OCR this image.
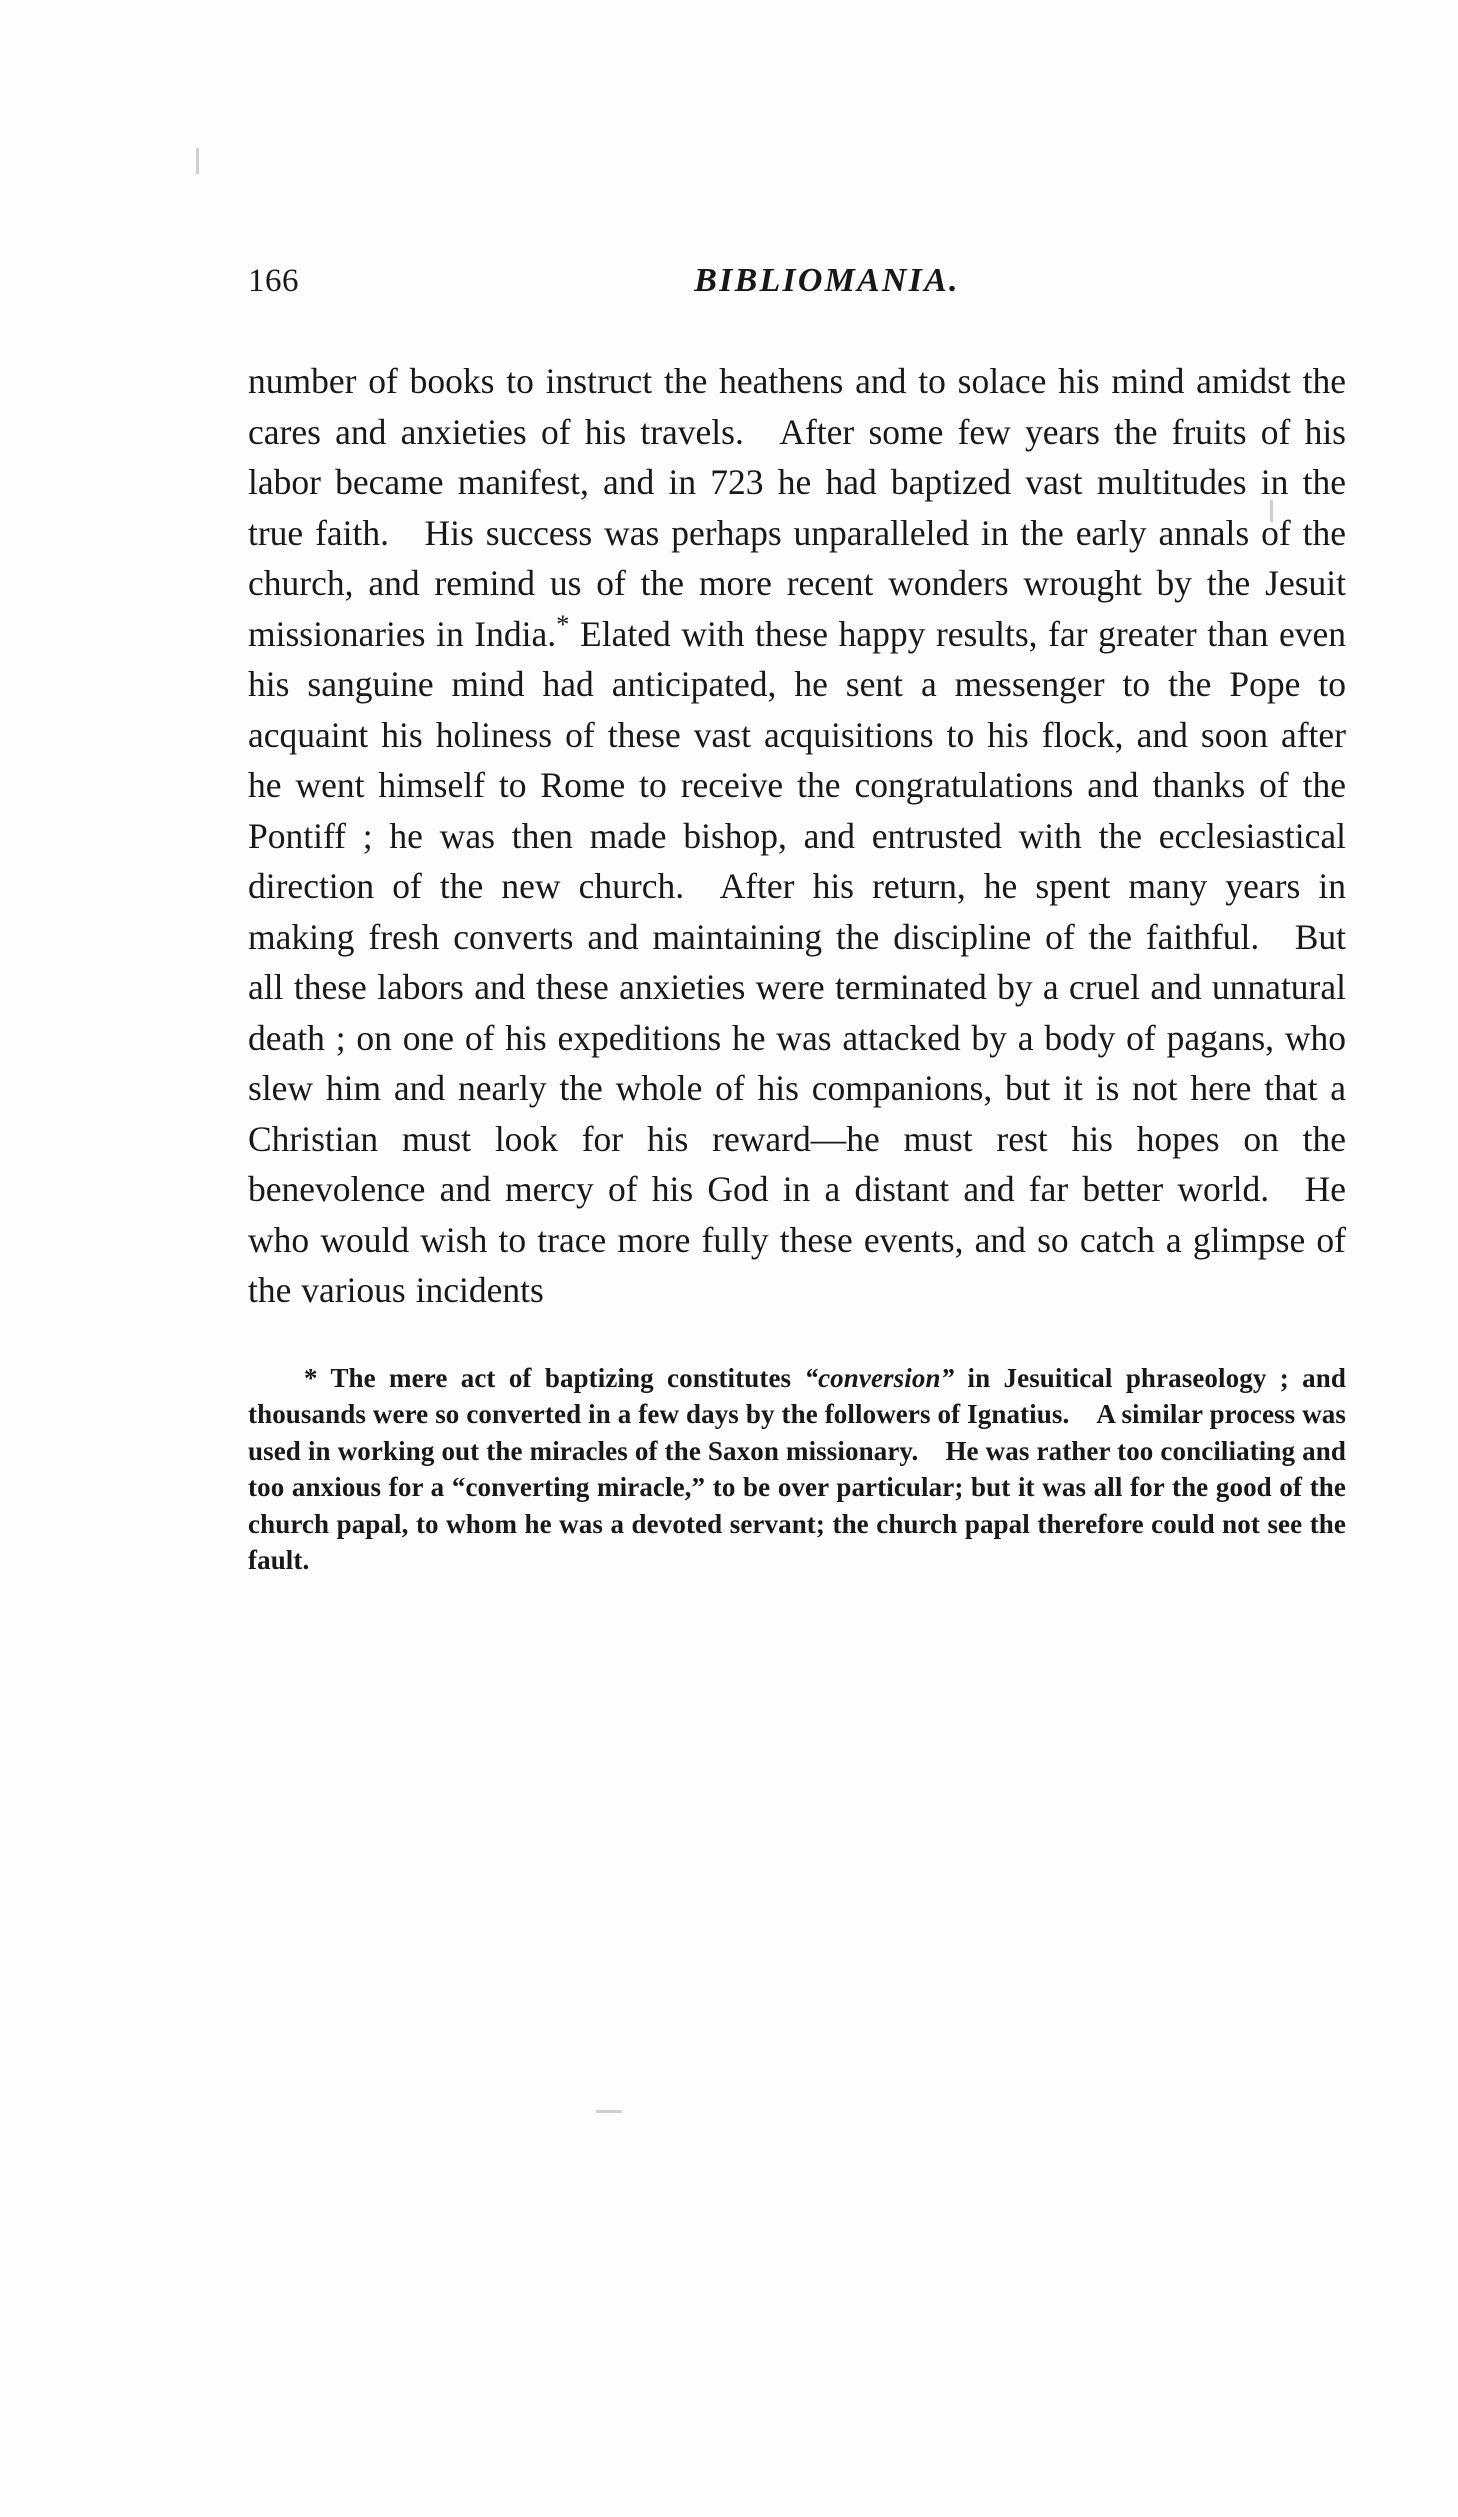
166	BIBLIOMANIA.

number of books to instruct the heathens and to solace his mind amidst the cares and anxieties of his travels. After some few years the fruits of his labor became manifest, and in 723 he had baptized vast multitudes in the true faith. His success was perhaps unparalleled in the early annals of the church, and remind us of the more recent wonders wrought by the Jesuit missionaries in India.* Elated with these happy results, far greater than even his sanguine mind had anticipated, he sent a messenger to the Pope to acquaint his holiness of these vast acquisitions to his flock, and soon after he went himself to Rome to receive the congratulations and thanks of the Pontiff ; he was then made bishop, and entrusted with the ecclesiastical direction of the new church. After his return, he spent many years in making fresh converts and maintaining the discipline of the faithful. But all these labors and these anxieties were terminated by a cruel and unnatural death ; on one of his expeditions he was attacked by a body of pagans, who slew him and nearly the whole of his companions, but it is not here that a Christian must look for his reward—he must rest his hopes on the benevolence and mercy of his God in a distant and far better world. He who would wish to trace more fully these events, and so catch a glimpse of the various incidents

* The mere act of baptizing constitutes “conversion” in Jesuitical phraseology ; and thousands were so converted in a few days by the followers of Ignatius. A similar process was used in working out the miracles of the Saxon missionary. He was rather too conciliating and too anxious for a “converting miracle,” to be over particular; but it was all for the good of the church papal, to whom he was a devoted servant; the church papal therefore could not see the fault.
